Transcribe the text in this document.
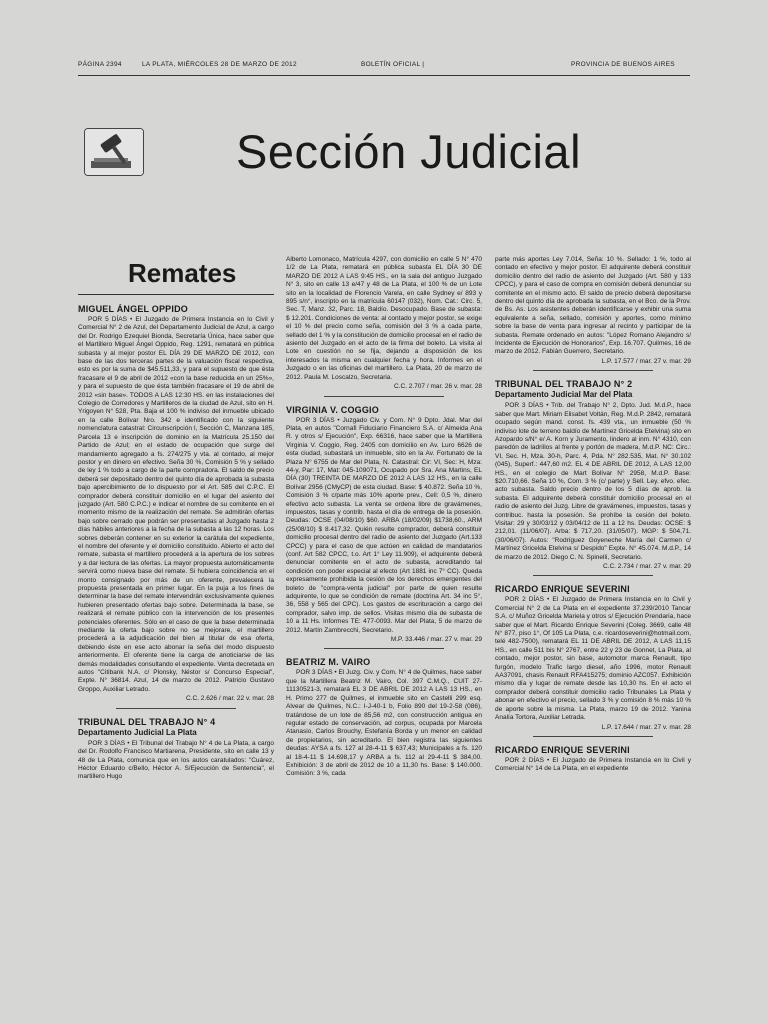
PÁGINA 2394	LA PLATA, MIÉRCOLES 28 DE MARZO DE 2012	BOLETÍN OFICIAL |	PROVINCIA DE BUENOS AIRES
Sección Judicial
Remates
MIGUEL ÁNGEL OPPIDO

POR 5 DÍAS • El Juzgado de Primera Instancia en lo Civil y Comercial N° 2 de Azul, del Departamento Judicial de Azul, a cargo del Dr. Rodrigo Ezequiel Bionda, Secretaría Única, hace saber que el Martillero Miguel Ángel Oppido, Reg. 1291, rematará en pública subasta y al mejor postor EL DÍA 29 DE MARZO DE 2012, con base de las dos terceras partes de la valuación fiscal respectiva, esto es por la suma de $45.511,33, y para el supuesto de que ésta fracasare el 9 de abril de 2012 «con la base reducida en un 25%», y para el supuesto de que ésta también fracasare el 19 de abril de 2012 «sin base». TODOS A LAS 12:30 HS. en las instalaciones del Colegio de Corredores y Martilleros de la ciudad de Azul, sito en H. Yrigoyen N° 528, Pta. Baja el 100 % indiviso del inmueble ubicado en la calle Bolívar Nro. 342 e identificado con la siguiente nomenclatura catastral: Circunscripción I, Sección C, Manzana 185, Parcela 13 e inscripción de dominio en la Matrícula 25.150 del Partido de Azul; en el estado de ocupación que surge del mandamiento agregado a fs. 274/275 y vta. al contado, al mejor postor y en dinero en efectivo. Seña 30 %, Comisión 5 % y sellado de ley 1 % todo a cargo de la parte compradora. El saldo de precio deberá ser depositado dentro del quinto día de aprobada la subasta bajo apercibimiento de lo dispuesto por el Art. 585 del C.P.C. El comprador deberá constituir domicilio en el lugar del asiento del juzgado (Art. 580 C.P.C.) e indicar el nombre de su comitente en el momento mismo de la realización del remate. Se admitirán ofertas bajo sobre cerrado que podrán ser presentadas al Juzgado hasta 2 días hábiles anteriores a la fecha de la subasta a las 12 horas. Los sobres deberán contener en su exterior la carátula del expediente, el nombre del oferente y el domicilio constituido. Abierto el acto del remate, subasta el martillero procederá a la apertura de los sobres y a dar lectura de las ofertas. La mayor propuesta automáticamente servirá como nueva base del remate. Si hubiera coincidencia en el monto consignado por más de un oferente, prevalecerá la propuesta presentada en primer lugar. En la puja a los fines de determinar la base del remate intervendrán exclusivamente quienes hubieren presentado ofertas bajo sobre. Determinada la base, se realizará el remate público con la intervención de los presentes potenciales oferentes. Sólo en el caso de que la base determinada mediante la oferta bajo sobre no se mejorare, el martillero procederá a la adjudicación del bien al titular de esa oferta, debiendo éste en ese acto abonar la seña del modo dispuesto anteriormente. El oferente tiene la carga de anoticiarse de las demás modalidades consultando el expediente. Venta decretada en autos "Citibank N.A. c/ Plonsky, Néstor s/ Concurso Especial", Expte. N° 36814. Azul, 14 de marzo de 2012. Patricio Gustavo Groppo, Auxiliar Letrado.

C.C. 2.626 / mar. 22 v. mar. 28
TRIBUNAL DEL TRABAJO N° 4
Departamento Judicial La Plata

POR 3 DÍAS • El Tribunal del Trabajo N° 4 de La Plata, a cargo del Dr. Rodolfo Francisco Martiarena, Presidente, sito en calle 13 y 48 de La Plata, comunica que en los autos caratulados: "Cuárez, Héctor Eduardo c/Bello, Héctor A. S/Ejecución de Sentencia", el martillero Hugo

Alberto Lomonaco, Matrícula 4297, con domicilio en calle 5 N° 470 1/2 de La Plata, rematará en pública subasta EL DÍA 30 DE MARZO DE 2012 A LAS 9:45 HS., en la sala del antiguo Juzgado N° 3, sito en calle 13 e/47 y 48 de La Plata, el 100 % de un Lote sito en la localidad de Florencio Varela, en calle Sydney e/ 893 y 895 s/n°, inscripto en la matrícula 60147 (032), Nom. Cat.: Circ. 5, Sec. T, Manz. 32, Parc. 18, Baldío. Desocupado. Base de subasta: $ 12.201. Condiciones de venta: al contado y mejor postor, se exige el 10 % del precio como seña, comisión del 3 % a cada parte, sellado del 1 % y la constitución de domicilio procesal en el radio de asiento del Juzgado en el acto de la firma del boleto. La visita al Lote en cuestión no se fija, dejando a disposición de los interesados la misma en cualquier fecha y hora. Informes en el Juzgado o en las oficinas del martillero. La Plata, 20 de marzo de 2012. Paula M. Loscalzo, Secretaria.

C.C. 2.707 / mar. 26 v. mar. 28
VIRGINIA V. COGGIO

POR 3 DÍAS • Juzgado Civ. y Com. N° 9 Dpto. Jdal. Mar del Plata, en autos "Cornafi Fiduciario Financiero S.A. c/ Almeida Ana R. y otros s/ Ejecución", Exp. 66316, hace saber que la Martillera Virginia V. Coggio, Reg. 2405 con domicilio en Av. Luro 6626 de esta ciudad, subastará un inmueble, sito en la Av. Fortunato de la Plaza N° 6755 de Mar del Plata, N. Catastral: Cir: VI, Sec: H, Mza: 44-y, Par: 17, Mat: 045-109071, Ocupado por Sra. Ana Martins, EL DÍA (30) TREINTA DE MARZO DE 2012 A LAS 12 HS., en la calle Bolívar 2956 (CMyCP) de esta ciudad. Base: $ 40.872. Seña 10 %, Comisión 3 % c/parte más 10% aporte prev., Cell: 0,5 %, dinero efectivo acto subasta. La venta se ordena libre de gravámenes, impuestos, tasas y contrib. hasta el día de entrega de la posesión. Deudas: OCSE (04/08/10) $60. ARBA (18/02/09) $1738,60., ARM (25/08/10) $ 8.417,32. Quién resulte comprador, deberá constituir domicilio procesal dentro del radio de asiento del Juzgado (Art.133 CPCC) y para el caso de que actúen en calidad de mandatarios (conf. Art 582 CPCC, t.o. Art 1° Ley 11.909), el adquirente deberá denunciar comitente en el acto de subasta, acreditando tal condición con poder especial al efecto (Art 1881 inc 7° CC). Queda expresamente prohibida la cesión de los derechos emergentes del boleto de "compra-venta judicial" por parte de quien resulte adquirente, lo que se condición de remate (doctrina Art. 34 inc 5°, 36, 558 y 565 del CPC). Los gastos de escrituración a cargo del comprador, salvo imp. de sellos. Visitas mismo día de subasta de 10 a 11 Hs. Informes TE: 477-0093. Mar del Plata, 5 de marzo de 2012. Martín Zambrecchi, Secretario.

M.P. 33.446 / mar. 27 v. mar. 29
BEATRIZ M. VAIRO

POR 3 DÍAS • El Juzg. Civ. y Com. N° 4 de Quilmes, hace saber que la Martillera Beatriz M. Vairo, Col. 397 C.M.Q., CUIT 27-11130521-3, rematará EL 3 DE ABRIL DE 2012 A LAS 13 HS., en H. Primo 277 de Quilmes, el inmueble sito en Castelli 299 esq. Alvear de Quilmes, N.C.: I-J-40-1 b, Folio 890 del 19-2-58 (086), tratándose de un lote de 85,56 m2, con construcción antigua en regular estado de conservación, ad corpus, ocupada por Marcela Atanasio, Carlos Brouchy, Estefanía Borda y un menor en calidad de propietarios, sin acreditarlo. El bien registra las siguientes deudas: AYSA a fs. 127 al 28-4-11 $ 637,43; Municipales a fs. 120 al 18-4-11 $ 14.698,17 y ARBA a fs. 112 al 29-4-11 $ 384,00. Exhibición: 3 de abril de 2012 de 10 a 11,30 hs. Base: $ 140.000. Comisión: 3 %, cada

parte más aportes Ley 7.014, Seña: 10 %. Sellado: 1 %, todo al contado en efectivo y mejor postor. El adquirente deberá constituir domicilio dentro del radio de asiento del Juzgado (Art. 580 y 133 CPCC), y para el caso de compra en comisión deberá denunciar su comitente en el mismo acto. El saldo de precio deberá depositarse dentro del quinto día de aprobada la subasta, en el Bco. de la Prov. de Bs. As. Los asistentes deberán identificarse y exhibir una suma equivalente a seña, sellado, comisión y aportes, como mínimo sobre la base de venta para ingresar al recinto y participar de la subasta. Remate ordenado en autos: "López Romano Alejandro s/ Incidente de Ejecución de Honorarios", Exp. 16.707. Quilmes, 16 de marzo de 2012. Fabián Guerrero, Secretario.

L.P. 17.577 / mar. 27 v. mar. 29
TRIBUNAL DEL TRABAJO N° 2
Departamento Judicial Mar del Plata

POR 3 DÍAS • Trib. del Trabajo N° 2, Dpto. Jud. M.d.P., hace saber que Mart. Miriam Elisabet Voltán, Reg. M.d.P. 2842, rematará ocupado según mand. const. fs. 439 vta., un inmueble (50 % indiviso lote de terreno baldío de Martínez Gricelda Etelvina) sito en Azopardo s/N° e/ A. Korn y Juramento, lindero al inm. N° 4310, con paredón de ladrillos al frente y portón de madera, M.d.P. NC: Circ.: VI, Sec. H, Mza. 30-h, Parc. 4, Pda. N° 282.535, Mat. N° 30.102 (045), Superf.: 447,60 m2. EL 4 DE ABRIL DE 2012, A LAS 12,00 HS., en el colegio de Mart Bolívar N° 2958, M.d.P. Base: $20.710,66. Seña 10 %, Com. 3 % (c/ parte) y Sell. Ley. efvo. efec. acto subasta. Saldo precio dentro de los 5 días de aprob. la subasta. El adquirente deberá constituir domicilio procesal en el radio de asiento del Juzg. Libre de gravámenes, impuestos, tasas y contribuc. hasta la posesión. Se prohíbe la cesión del boleto. Visitar: 29 y 30/03/12 y 03/04/12 de 11 a 12 hs. Deudas: OCSE: $ 212,01. (11/06/07). Arba: $ 717,20. (31/05/07). MGP: $ 504,71. (30/06/07). Autos: "Rodríguez Goyeneche María del Carmen c/ Martínez Gricelda Etelvina s/ Despido" Expte. N° 45.074. M.d.P., 14 de marzo de 2012. Diego C. N. Spinelli, Secretario.

C.C. 2.734 / mar. 27 v. mar. 29
RICARDO ENRIQUE SEVERINI

POR 2 DÍAS • El Juzgado de Primera Instancia en lo Civil y Comercial N° 2 de La Plata en el expediente 37.239/2010 Tancar S.A. c/ Muñoz Gricelda Mariela y otros s/ Ejecución Prendaria, hace saber que el Mart. Ricardo Enrique Severini (Coleg. 3669, calle 48 N° 877, piso 1°, Of 105 La Plata, c.e. ricardoseverini@hotmail.com, telé 482-7500), rematará EL 11 DE ABRIL DE 2012, A LAS 11,15 HS., en calle 511 bis N° 2767, entre 22 y 23 de Gonnet, La Plata, al contado, mejor postor, sin base, automotor marca Renault, tipo furgón, modelo Trafic largo diesel, año 1996, motor Renault AA37091, chasis Renault RFA415275; dominio AZC057. Exhibición mismo día y lugar de remate desde las 10,30 hs. En el acto el comprador deberá constituir domicilio radio Tribunales La Plata y abonar en efectivo el precio, sellado 3 % y comisión 8 % más 10 % de aporte sobre la misma. La Plata, marzo 19 de 2012. Yanina Analía Tortora, Auxiliar Letrada.

L.P. 17.644 / mar. 27 v. mar. 28
RICARDO ENRIQUE SEVERINI

POR 2 DÍAS • El Juzgado de Primera Instancia en lo Civil y Comercial N° 14 de La Plata, en el expediente
